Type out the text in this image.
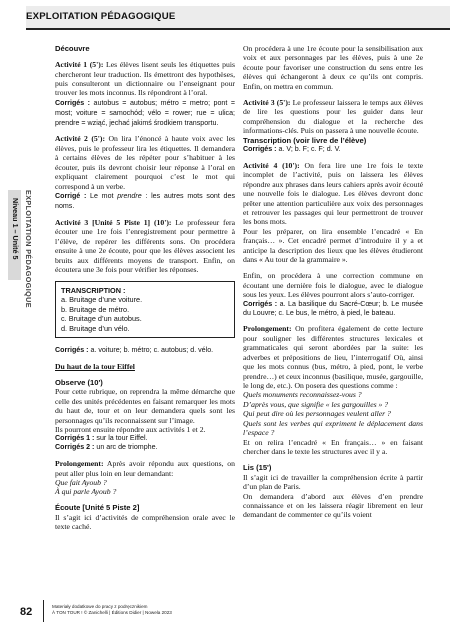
EXPLOITATION PÉDAGOGIQUE
Niveau 1 – Unité 5 EXPLOITATION PÉDAGOGIQUE

Découvre

Activité 1 (5'): Les élèves lisent seuls les étiquettes puis chercheront leur traduction. Ils émettront des hypothèses, puis consulteront un dictionnaire ou l’enseignant pour trouver les mots inconnus. Ils répondront à l’oral.
Corrigés : autobus = autobus; métro = metro; pont = most; voiture = samochód; vélo = rower; rue = ulica; prendre = wziąć, jechać jakimś środkiem transportu.

Activité 2 (5'): On lira l’énoncé à haute voix avec les élèves, puis le professeur lira les étiquettes. Il demandera à certains élèves de les répéter pour s’habituer à les écouter, puis ils devront choisir leur réponse à l’oral en expliquant clairement pourquoi c’est le mot qui correspond à un verbe.
Corrigé : Le mot prendre : les autres mots sont des noms.

Activité 3 [Unité 5 Piste 1] (10'): Le professeur fera écouter une 1re fois l’enregistrement pour permettre à l’élève, de repérer les différents sons. On procédera ensuite à une 2e écoute, pour que les élèves associent les bruits aux différents moyens de transport. Enfin, on écoutera une 3e fois pour vérifier les réponses.

TRANSCRIPTION :
a. Bruitage d’une voiture.
b. Bruitage de métro.
c. Bruitage d’un autobus.
d. Bruitage d’un vélo.

Corrigés : a. voiture; b. métro; c. autobus; d. vélo.

Du haut de la tour Eiffel

Observe (10')

Pour cette rubrique, on reprendra la même démarche que celle des unités précédentes en faisant remarquer les mots du haut de, tour et on leur demandera quels sont les personnages qu’ils reconnaissent sur l’image.

Ils pourront ensuite répondre aux activités 1 et 2.

Corrigés 1 : sur la tour Eiffel.

Corrigés 2 : un arc de triomphe.

Prolongement: Après avoir répondu aux questions, on peut aller plus loin en leur demandant:

Que fait Ayoub ?

À qui parle Ayoub ?

Écoute [Unité 5 Piste 2]

Il s’agit ici d’activités de compréhension orale avec le texte caché.

On procédera à une 1re écoute pour la sensibilisation aux voix et aux personnages par les élèves, puis à une 2e écoute pour favoriser une construction du sens entre les élèves qui échangeront à deux ce qu’ils ont compris. Enfin, on mettra en commun.

Activité 3 (5'): Le professeur laissera le temps aux élèves de lire les questions pour les guider dans leur compréhension du dialogue et la recherche des informations-clés. Puis on passera à une nouvelle écoute.

Transcription (voir livre de l’élève)

Corrigés : a. V; b. F; c. F; d. V.

Activité 4 (10'): On fera lire une 1re fois le texte incomplet de l’activité, puis on laissera les élèves répondre aux phrases dans leurs cahiers après avoir écouté une nouvelle fois le dialogue. Les élèves devront donc prêter une attention particulière aux voix des personnages et retrouver les passages qui leur permettront de trouver les bons mots.

Pour les préparer, on lira ensemble l’encadré « En français… ». Cet encadré permet d’introduire il y a et anticipe la description des lieux que les élèves étudieront dans « Au tour de la grammaire ».

Enfin, on procédera à une correction commune en écoutant une dernière fois le dialogue, avec le dialogue sous les yeux. Les élèves pourront alors s’auto-corriger.

Corrigés : a. La basilique du Sacré-Cœur; b. Le musée du Louvre; c. Le bus, le métro, à pied, le bateau.

Prolongement: On profitera également de cette lecture pour souligner les différentes structures lexicales et grammaticales qui seront abordées par la suite: les adverbes et prépositions de lieu, l’interrogatif Où, ainsi que les mots connus (bus, métro, à pied, pont, le verbe prendre…) et ceux inconnus (basilique, musée, gargouille, le long de, etc.). On posera des questions comme :

Quels monuments reconnaissez-vous ?
D’après vous, que signifie « les gargouilles » ?
Qui peut dire où les personnages veulent aller ?
Quels sont les verbes qui expriment le déplacement dans l’espace ?

Et on relira l’encadré « En français… » en faisant chercher dans le texte les structures avec il y a.

Lis (15')

Il s’agit ici de travailler la compréhension écrite à partir d’un plan de Paris.

On demandera d’abord aux élèves d’en prendre connaissance et on les laissera réagir librement en leur demandant de commenter ce qu’ils voient

82	Materiały dodatkowe do pracy z podręcznikiem
À TON TOUR ! © Zanichelli | Éditions Didier | Nowela 2023
